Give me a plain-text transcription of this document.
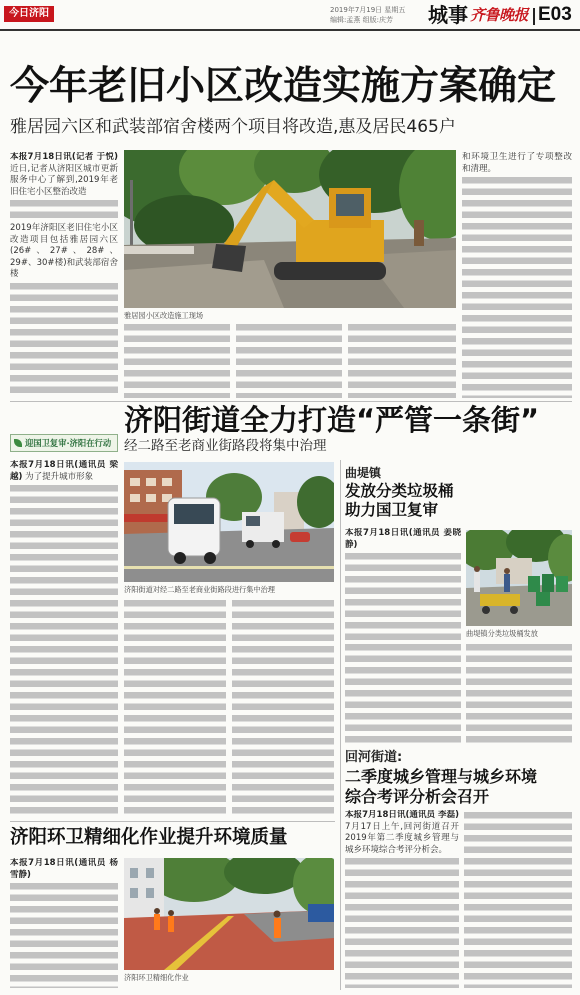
今日济阳	2019年7月19日 星期五
编辑:孟燕 组版:庆芳 城事 齐鲁晚报 E03
今年老旧小区改造实施方案确定
雅居园六区和武装部宿舍楼两个项目将改造,惠及居民465户

本报7月18日讯(记者 于悦) 近日,记者从济阳区城市更新服务中心了解到,2019年老旧住宅小区整治改造

2019年济阳区老旧住宅小区改造项目包括雅居园六区(26#、27#、28#、29#、30#楼)和武装部宿舍楼

雅居园小区改造施工现场

和环境卫生进行了专项整改和清理。

迎国卫复审·济阳在行动
济阳街道全力打造“严管一条街”
经二路至老商业街路段将集中治理

本报7月18日讯(通讯员 梁越) 为了提升城市形象

济阳街道对经二路至老商业街路段进行集中治理
曲堤镇
发放分类垃圾桶
助力国卫复审

本报7月18日讯(通讯员 姜晓静)

曲堤镇分类垃圾桶发放
回河街道:
二季度城乡管理与城乡环境
综合考评分析会召开

本报7月18日讯(通讯员 李磊) 7月17日上午,回河街道召开2019年第二季度城乡管理与城乡环境综合考评分析会。

济阳环卫精细化作业提升环境质量

本报7月18日讯(通讯员 杨雪静)

济阳环卫精细化作业
